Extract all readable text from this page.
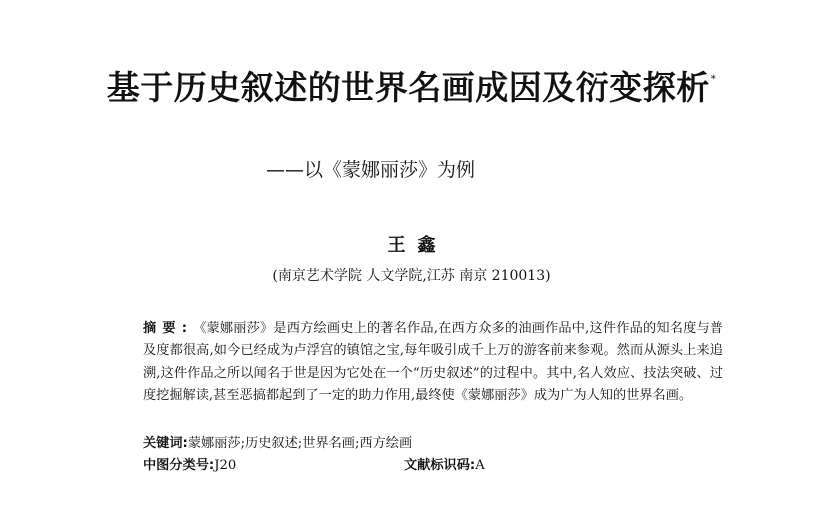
基于历史叙述的世界名画成因及衍变探析*
——以《蒙娜丽莎》为例
王鑫
(南京艺术学院 人文学院,江苏 南京 210013)
摘要:《蒙娜丽莎》是西方绘画史上的著名作品,在西方众多的油画作品中,这件作品的知名度与普及度都很高,如今已经成为卢浮宫的镇馆之宝,每年吸引成千上万的游客前来参观。然而从源头上来追溯,这件作品之所以闻名于世是因为它处在一个“历史叙述”的过程中。其中,名人效应、技法突破、过度挖掘解读,甚至恶搞都起到了一定的助力作用,最终使《蒙娜丽莎》成为广为人知的世界名画。
关键词:蒙娜丽莎;历史叙述;世界名画;西方绘画
中图分类号:J20	文献标识码:A
